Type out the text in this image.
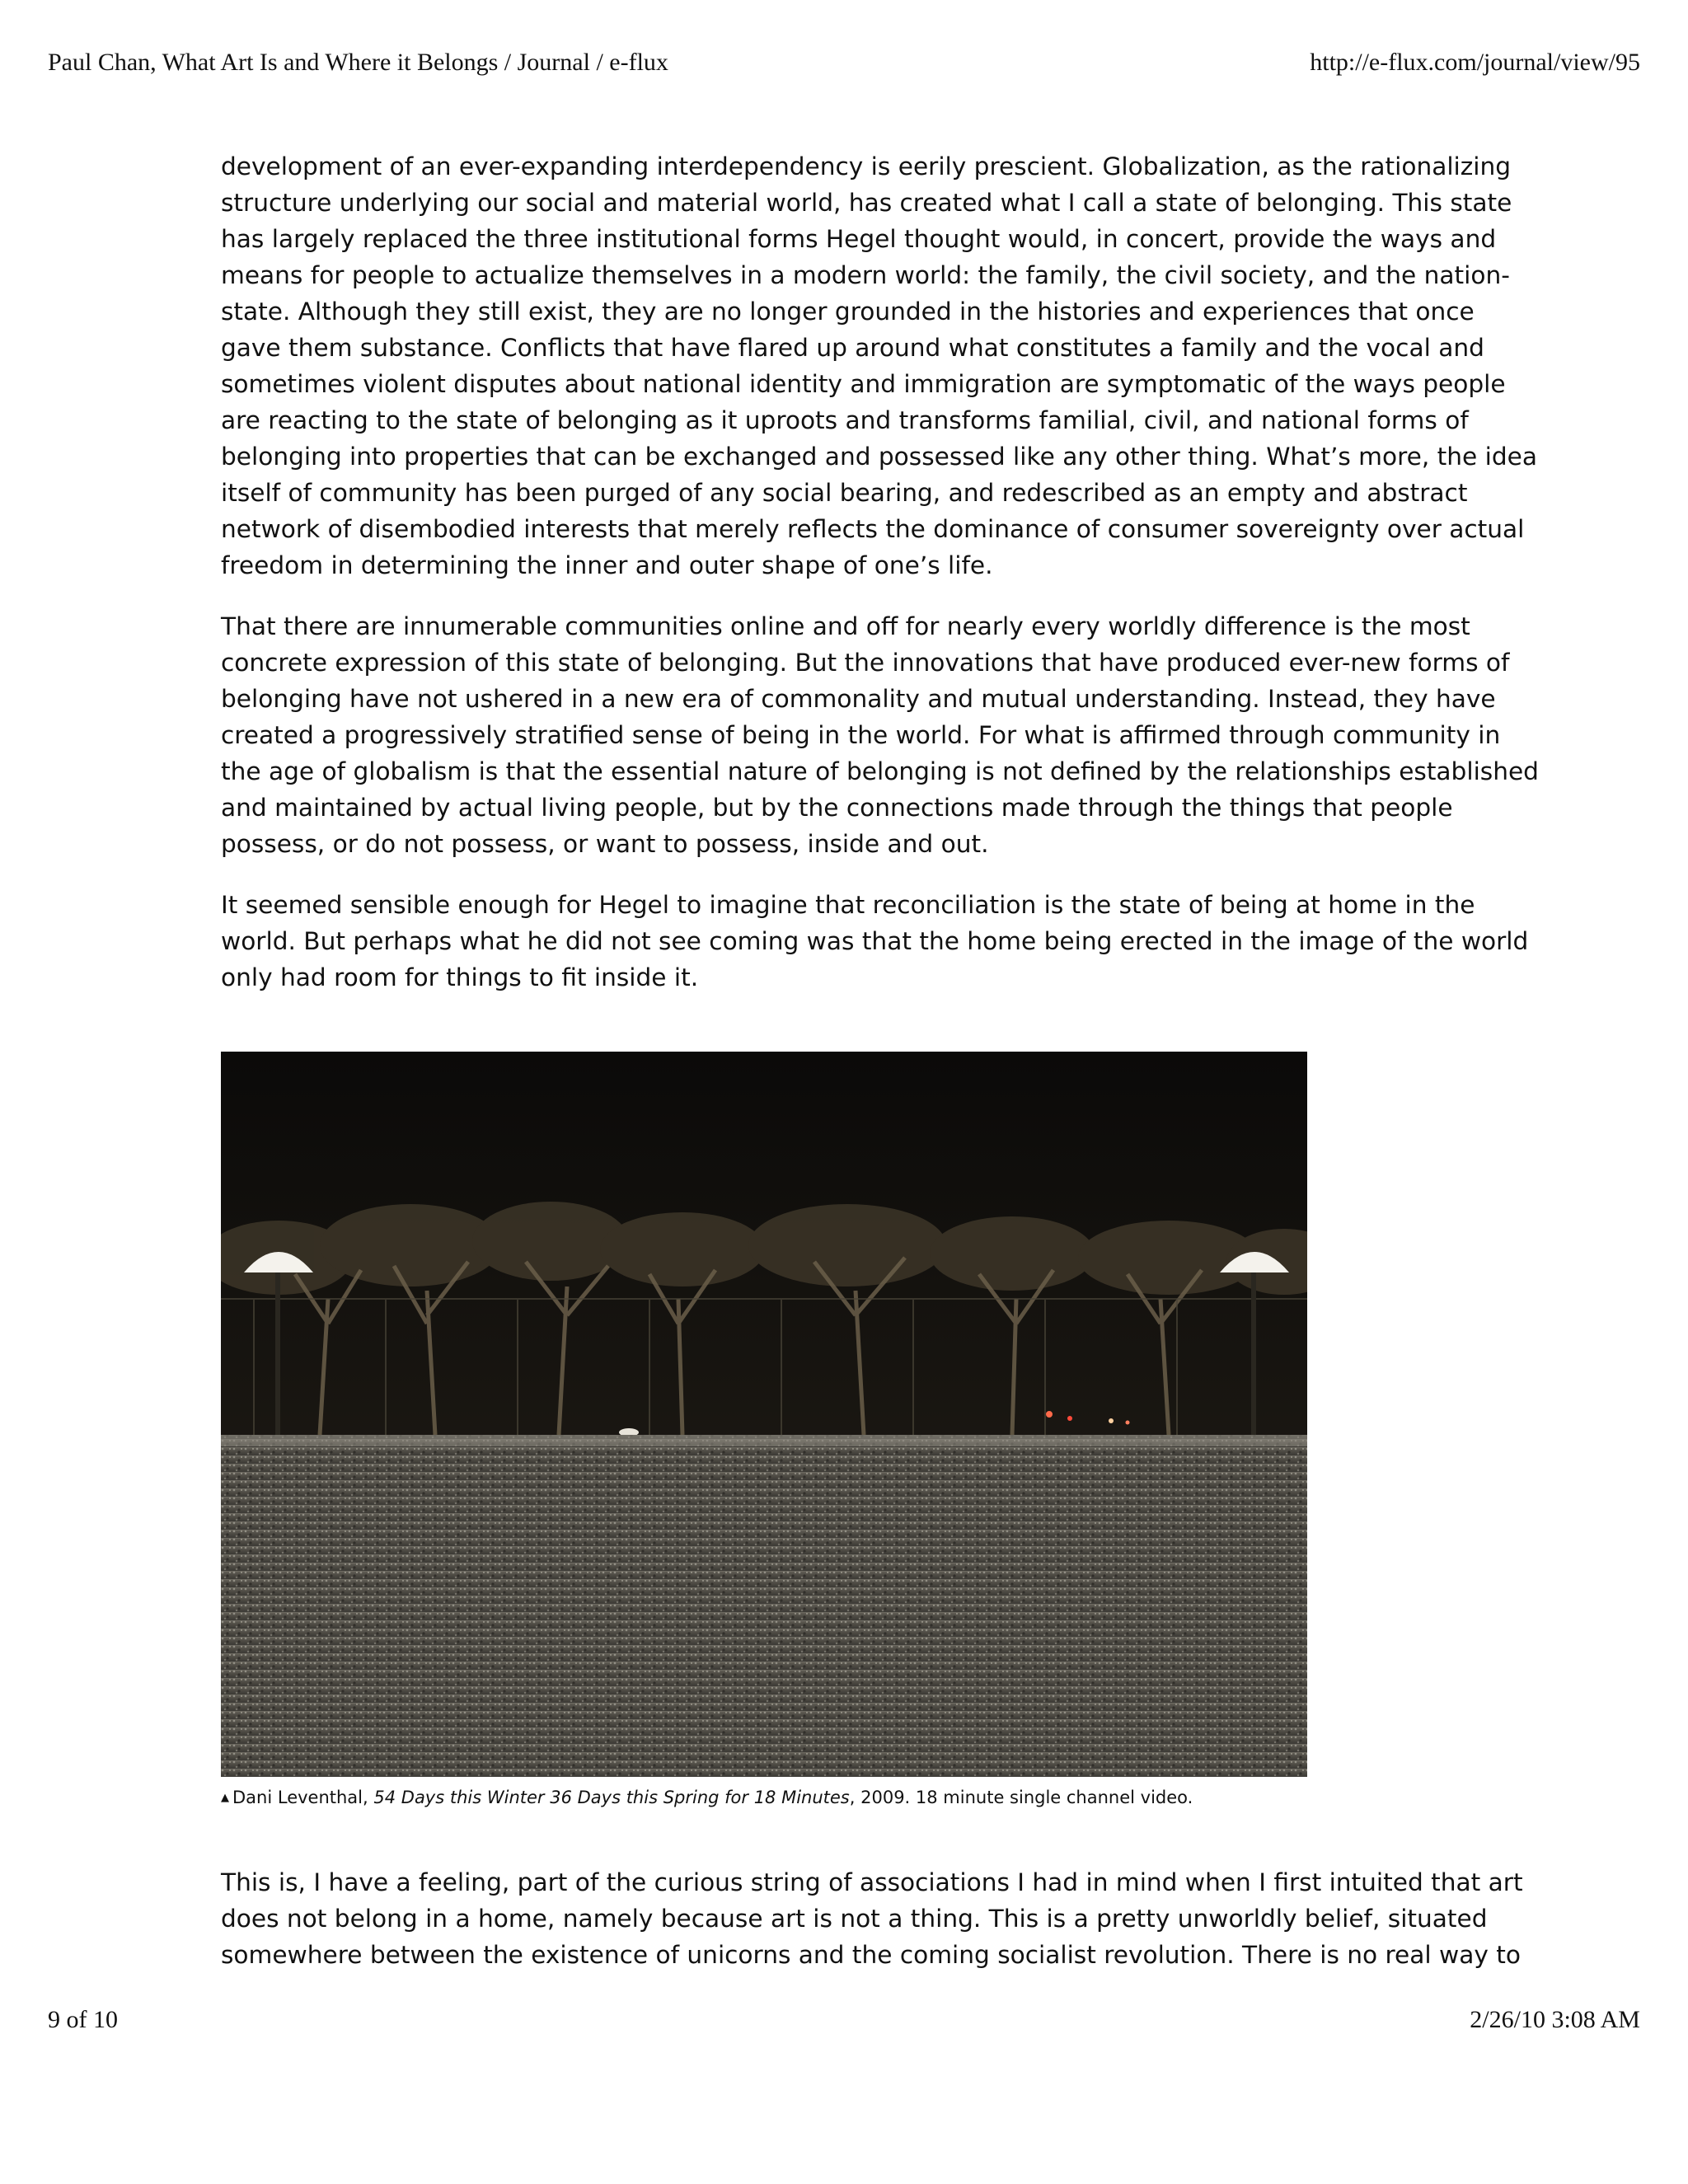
Paul Chan, What Art Is and Where it Belongs / Journal / e-flux	http://e-flux.com/journal/view/95

development of an ever-expanding interdependency is eerily prescient. Globalization, as the rationalizing structure underlying our social and material world, has created what I call a state of belonging. This state has largely replaced the three institutional forms Hegel thought would, in concert, provide the ways and means for people to actualize themselves in a modern world: the family, the civil society, and the nation-state. Although they still exist, they are no longer grounded in the histories and experiences that once gave them substance. Conflicts that have flared up around what constitutes a family and the vocal and sometimes violent disputes about national identity and immigration are symptomatic of the ways people are reacting to the state of belonging as it uproots and transforms familial, civil, and national forms of belonging into properties that can be exchanged and possessed like any other thing. What’s more, the idea itself of community has been purged of any social bearing, and redescribed as an empty and abstract network of disembodied interests that merely reflects the dominance of consumer sovereignty over actual freedom in determining the inner and outer shape of one’s life.

That there are innumerable communities online and off for nearly every worldly difference is the most concrete expression of this state of belonging. But the innovations that have produced ever-new forms of belonging have not ushered in a new era of commonality and mutual understanding. Instead, they have created a progressively stratified sense of being in the world. For what is affirmed through community in the age of globalism is that the essential nature of belonging is not defined by the relationships established and maintained by actual living people, but by the connections made through the things that people possess, or do not possess, or want to possess, inside and out.

It seemed sensible enough for Hegel to imagine that reconciliation is the state of being at home in the world. But perhaps what he did not see coming was that the home being erected in the image of the world only had room for things to fit inside it.

▲ Dani Leventhal, 54 Days this Winter 36 Days this Spring for 18 Minutes, 2009. 18 minute single channel video.

This is, I have a feeling, part of the curious string of associations I had in mind when I first intuited that art does not belong in a home, namely because art is not a thing. This is a pretty unworldly belief, situated somewhere between the existence of unicorns and the coming socialist revolution. There is no real way to

9 of 10	2/26/10 3:08 AM
